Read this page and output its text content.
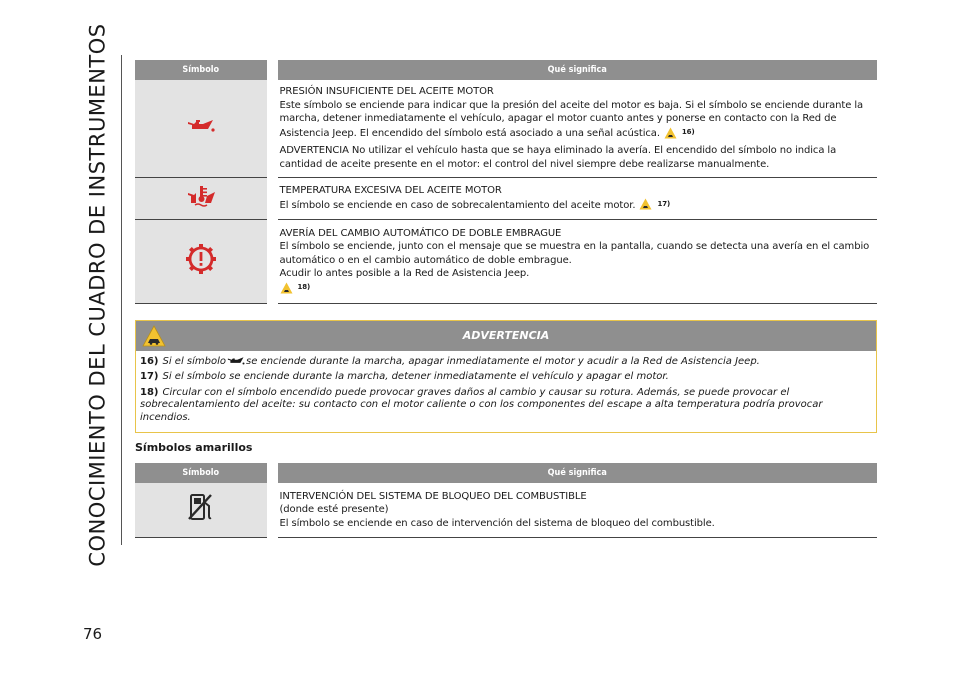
CONOCIMIENTO DEL CUADRO DE INSTRUMENTOS
76
Símbolo	Qué significa

PRESIÓN INSUFICIENTE DEL ACEITE MOTOR
Este símbolo se enciende para indicar que la presión del aceite del motor es baja. Si el símbolo se enciende durante la marcha, detener inmediatamente el vehículo, apagar el motor cuanto antes y ponerse en contacto con la Red de Asistencia Jeep. El encendido del símbolo está asociado a una señal acústica. 16)
ADVERTENCIA No utilizar el vehículo hasta que se haya eliminado la avería. El encendido del símbolo no indica la cantidad de aceite presente en el motor: el control del nivel siempre debe realizarse manualmente.

TEMPERATURA EXCESIVA DEL ACEITE MOTOR
El símbolo se enciende en caso de sobrecalentamiento del aceite motor. 17)

AVERÍA DEL CAMBIO AUTOMÁTICO DE DOBLE EMBRAGUE
El símbolo se enciende, junto con el mensaje que se muestra en la pantalla, cuando se detecta una avería en el cambio automático o en el cambio automático de doble embrague.
Acudir lo antes posible a la Red de Asistencia Jeep.
18)
ADVERTENCIA

16) Si el símbolo se enciende durante la marcha, apagar inmediatamente el motor y acudir a la Red de Asistencia Jeep.

17) Si el símbolo se enciende durante la marcha, detener inmediatamente el vehículo y apagar el motor.

18) Circular con el símbolo encendido puede provocar graves daños al cambio y causar su rotura. Además, se puede provocar el sobrecalentamiento del aceite: su contacto con el motor caliente o con los componentes del escape a alta temperatura podría provocar incendios.

Símbolos amarillos
Símbolo	Qué significa

INTERVENCIÓN DEL SISTEMA DE BLOQUEO DEL COMBUSTIBLE
(donde esté presente)
El símbolo se enciende en caso de intervención del sistema de bloqueo del combustible.
